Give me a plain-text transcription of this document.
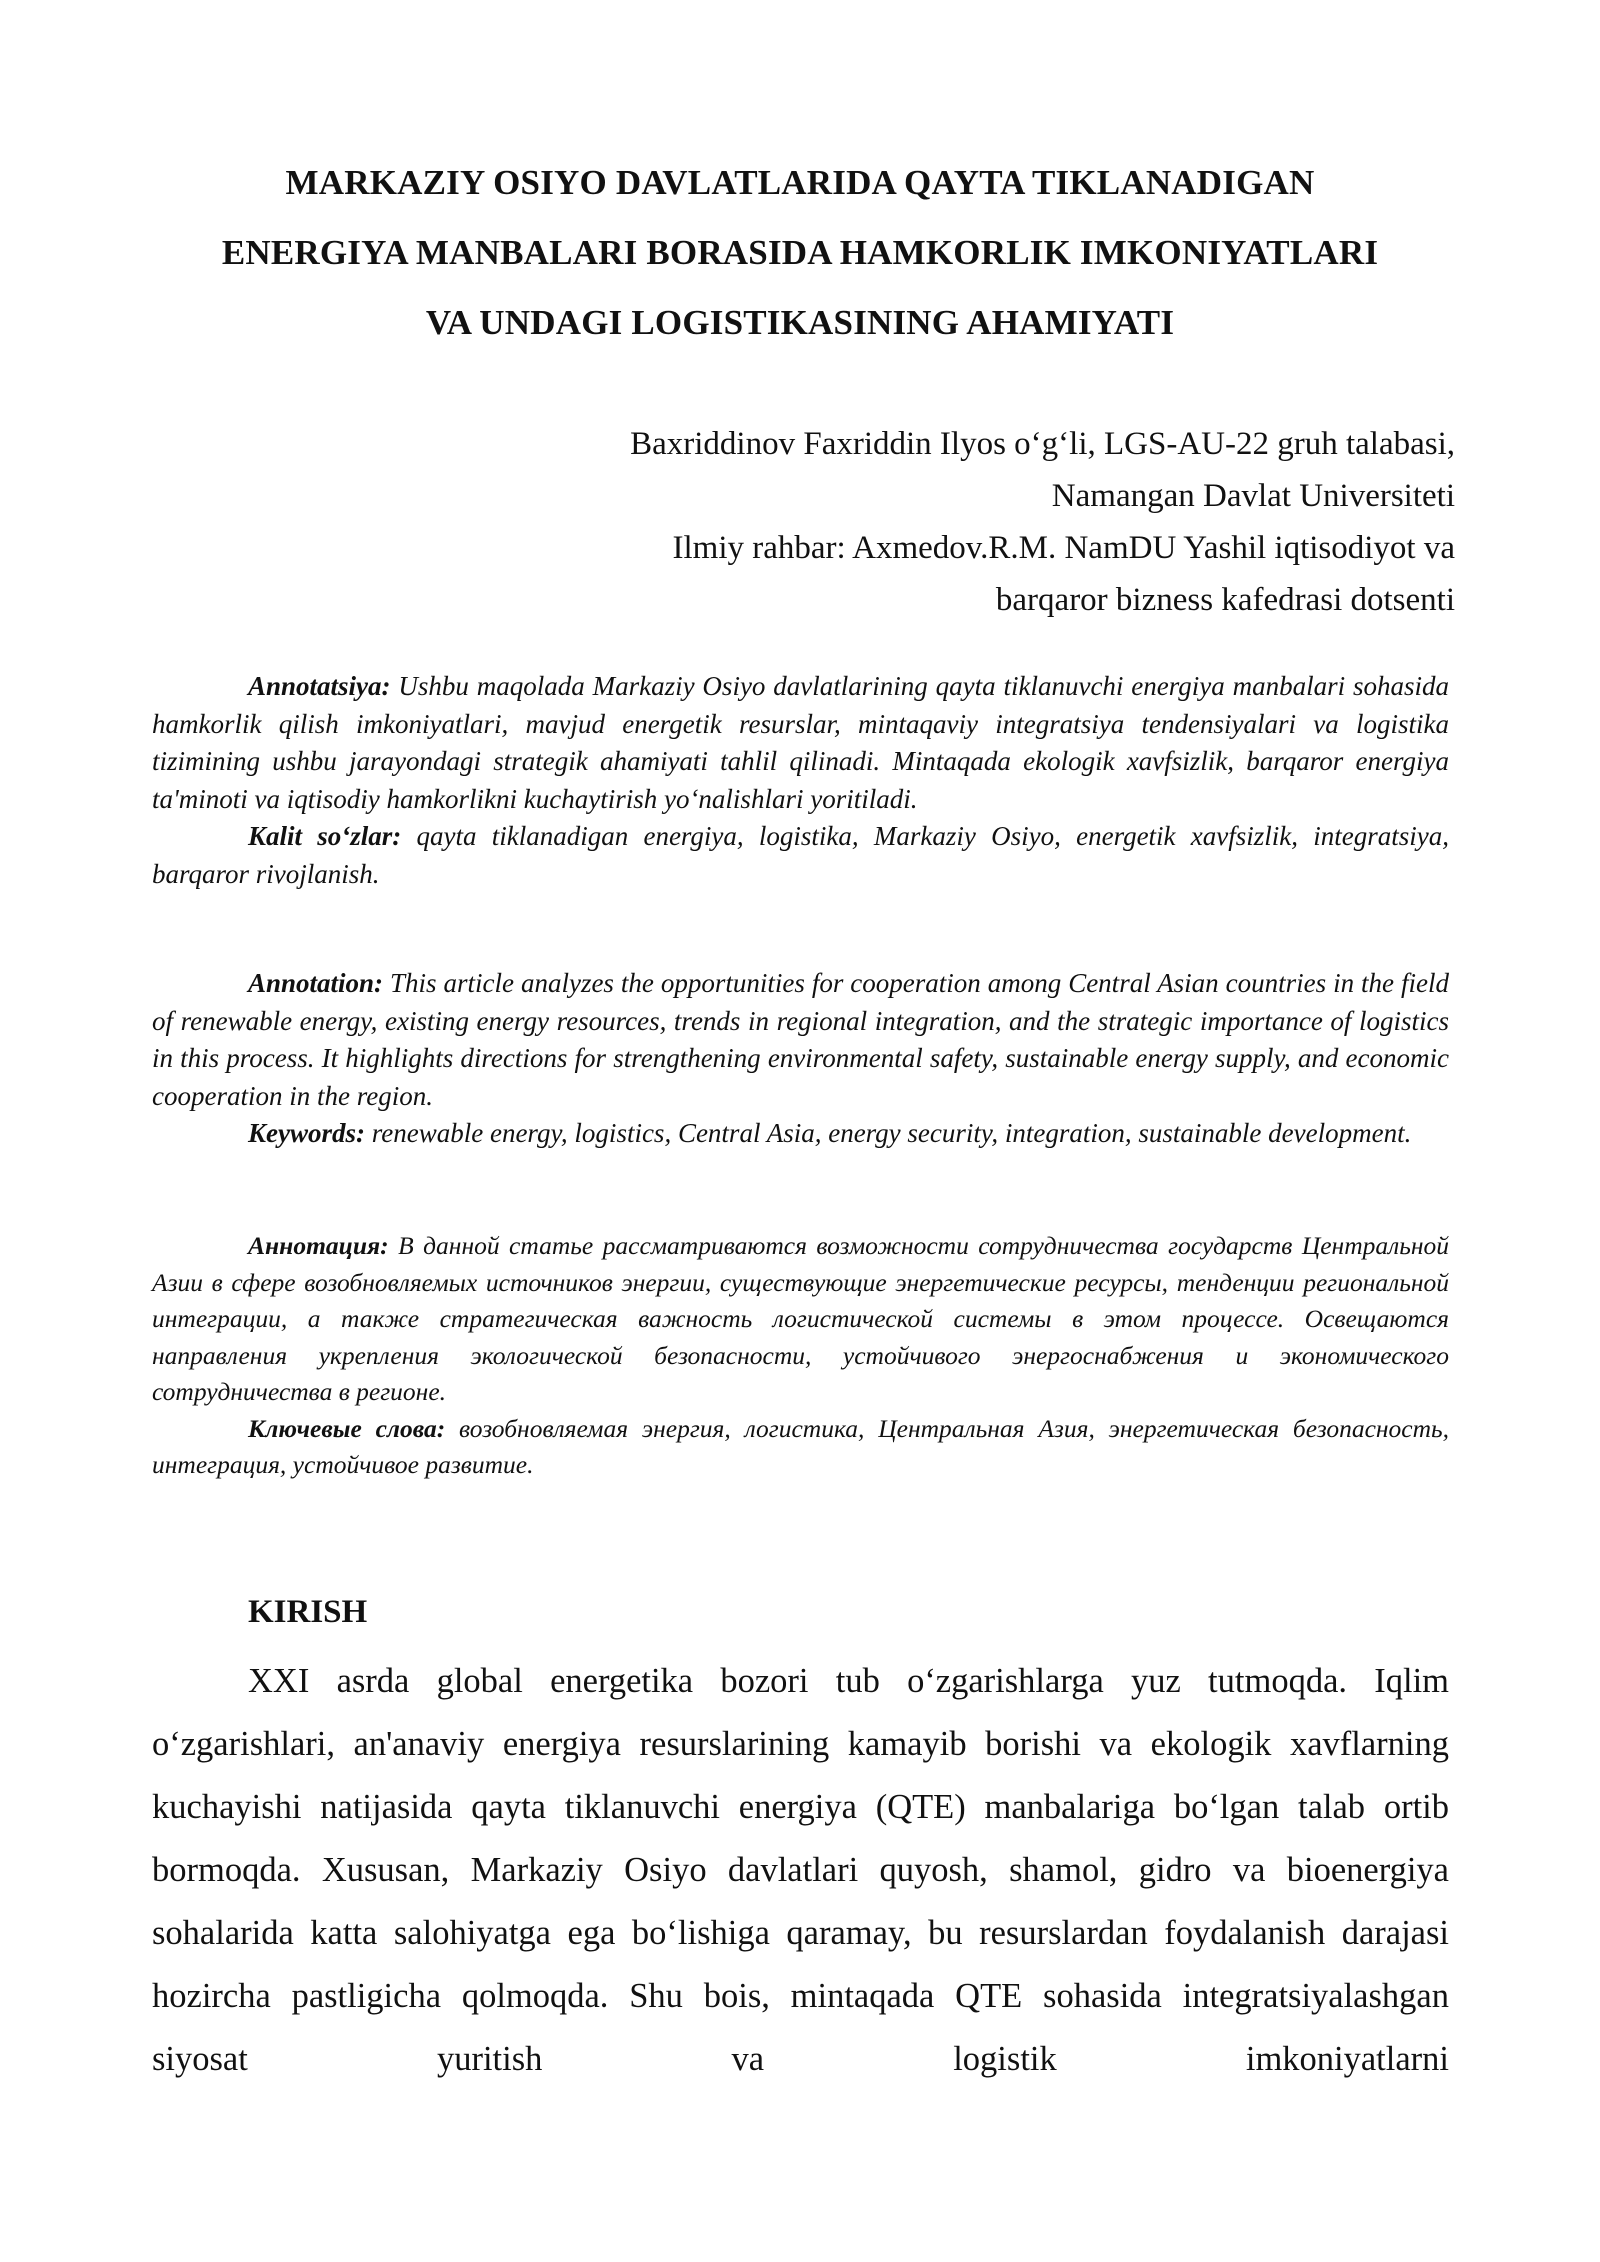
MARKAZIY OSIYO DAVLATLARIDA QAYTA TIKLANADIGAN
ENERGIYA MANBALARI BORASIDA HAMKORLIK IMKONIYATLARI
VA UNDAGI LOGISTIKASINING AHAMIYATI
Baxriddinov Faxriddin Ilyos o‘g‘li, LGS-AU-22 gruh talabasi,
Namangan Davlat Universiteti
Ilmiy rahbar: Axmedov.R.M. NamDU Yashil iqtisodiyot va
barqaror bizness kafedrasi dotsenti

Annotatsiya: Ushbu maqolada Markaziy Osiyo davlatlarining qayta tiklanuvchi energiya manbalari sohasida hamkorlik qilish imkoniyatlari, mavjud energetik resurslar, mintaqaviy integratsiya tendensiyalari va logistika tizimining ushbu jarayondagi strategik ahamiyati tahlil qilinadi. Mintaqada ekologik xavfsizlik, barqaror energiya ta'minoti va iqtisodiy hamkorlikni kuchaytirish yo‘nalishlari yoritiladi.

Kalit so‘zlar: qayta tiklanadigan energiya, logistika, Markaziy Osiyo, energetik xavfsizlik, integratsiya, barqaror rivojlanish.

Annotation: This article analyzes the opportunities for cooperation among Central Asian countries in the field of renewable energy, existing energy resources, trends in regional integration, and the strategic importance of logistics in this process. It highlights directions for strengthening environmental safety, sustainable energy supply, and economic cooperation in the region.

Keywords: renewable energy, logistics, Central Asia, energy security, integration, sustainable development.

Аннотация: В данной статье рассматриваются возможности сотрудничества государств Центральной Азии в сфере возобновляемых источников энергии, существующие энергетические ресурсы, тенденции региональной интеграции, а также стратегическая важность логистической системы в этом процессе. Освещаются направления укрепления экологической безопасности, устойчивого энергоснабжения и экономического сотрудничества в регионе.

Ключевые слова: возобновляемая энергия, логистика, Центральная Азия, энергетическая безопасность, интеграция, устойчивое развитие.

KIRISH

XXI asrda global energetika bozori tub o‘zgarishlarga yuz tutmoqda. Iqlim o‘zgarishlari, an'anaviy energiya resurslarining kamayib borishi va ekologik xavflarning kuchayishi natijasida qayta tiklanuvchi energiya (QTE) manbalariga bo‘lgan talab ortib bormoqda. Xususan, Markaziy Osiyo davlatlari quyosh, shamol, gidro va bioenergiya sohalarida katta salohiyatga ega bo‘lishiga qaramay, bu resurslardan foydalanish darajasi hozircha pastligicha qolmoqda. Shu bois, mintaqada QTE sohasida integratsiyalashgan siyosat yuritish va logistik imkoniyatlarni
